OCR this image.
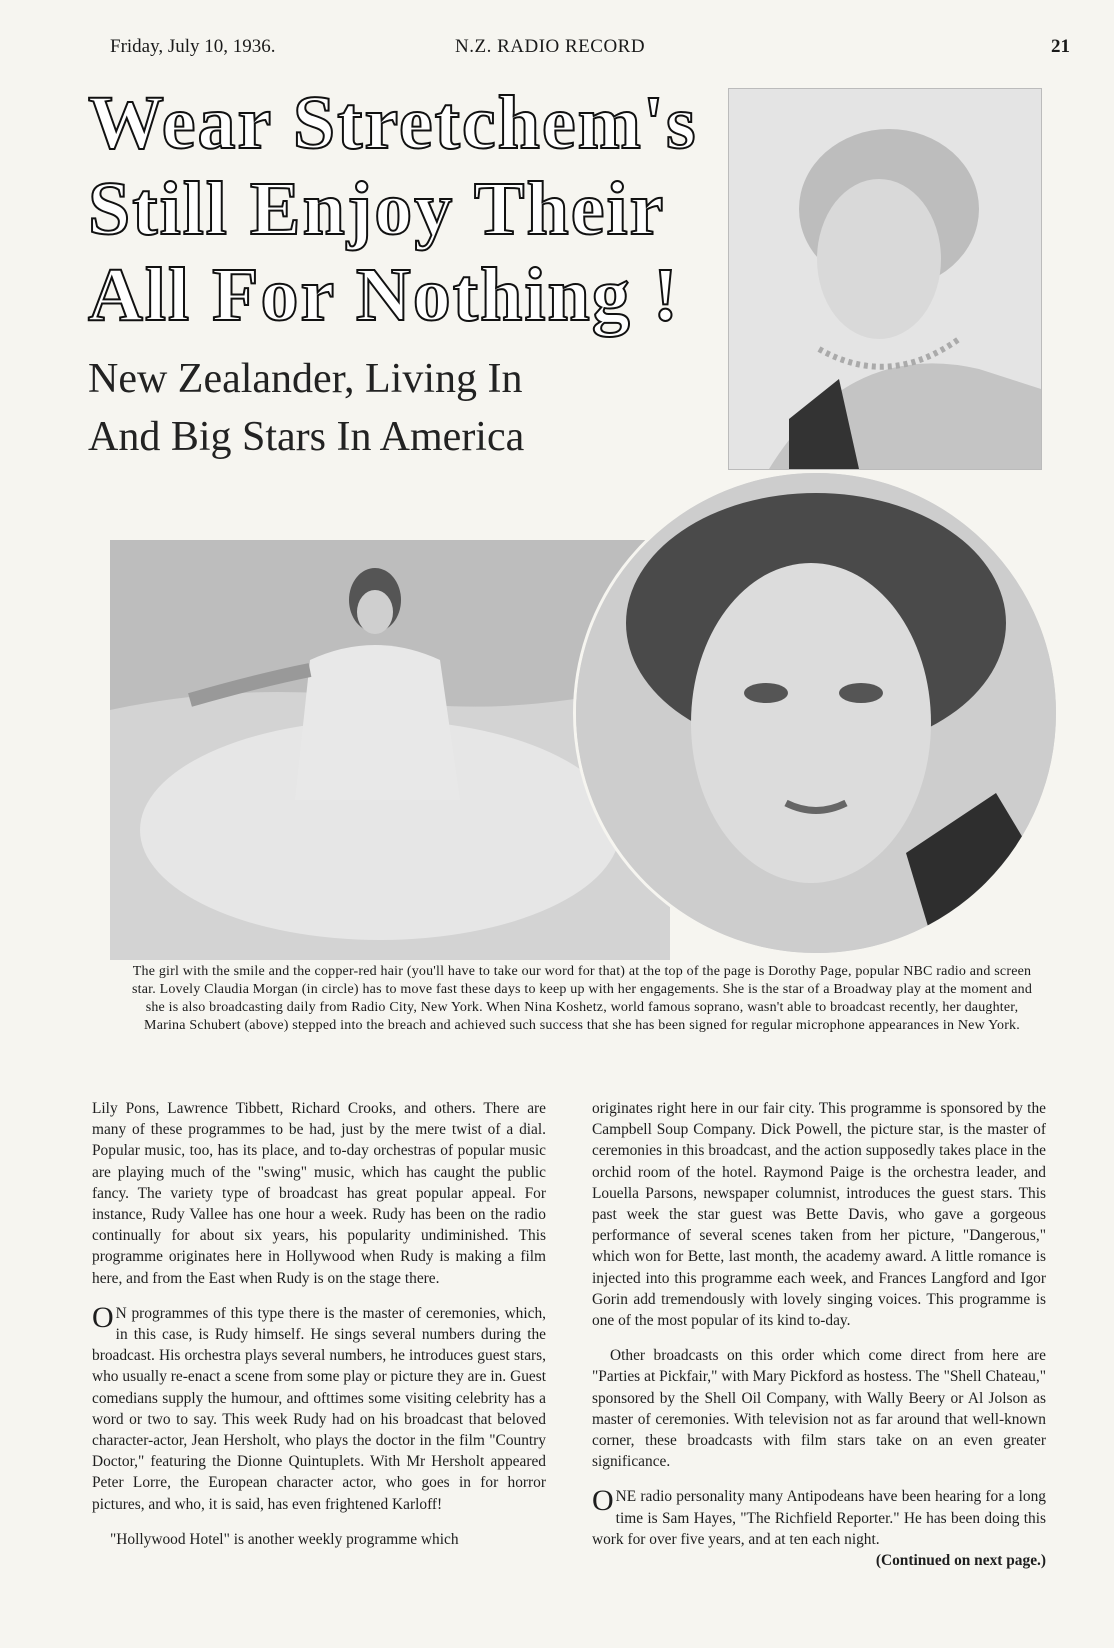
Friday, July 10, 1936.	N.Z. RADIO RECORD	21
Wear Stretchem's
Still Enjoy Their
All For Nothing !
New Zealander, Living In
And Big Stars In America
The girl with the smile and the copper-red hair (you'll have to take our word for that) at the top of the page is Dorothy Page, popular NBC radio and screen star. Lovely Claudia Morgan (in circle) has to move fast these days to keep up with her engagements. She is the star of a Broadway play at the moment and she is also broadcasting daily from Radio City, New York. When Nina Koshetz, world famous soprano, wasn't able to broadcast recently, her daughter, Marina Schubert (above) stepped into the breach and achieved such success that she has been signed for regular microphone appearances in New York.

Lily Pons, Lawrence Tibbett, Richard Crooks, and others. There are many of these programmes to be had, just by the mere twist of a dial. Popular music, too, has its place, and to-day orchestras of popular music are playing much of the "swing" music, which has caught the public fancy. The variety type of broadcast has great popular appeal. For instance, Rudy Vallee has one hour a week. Rudy has been on the radio continually for about six years, his popularity undiminished. This programme originates here in Hollywood when Rudy is making a film here, and from the East when Rudy is on the stage there.

O N programmes of this type there is the master of ceremonies, which, in this case, is Rudy himself. He sings several numbers during the broadcast. His orchestra plays several numbers, he introduces guest stars, who usually re-enact a scene from some play or picture they are in. Guest comedians supply the humour, and ofttimes some visiting celebrity has a word or two to say. This week Rudy had on his broadcast that beloved character-actor, Jean Hersholt, who plays the doctor in the film "Country Doctor," featuring the Dionne Quintuplets. With Mr Hersholt appeared Peter Lorre, the European character actor, who goes in for horror pictures, and who, it is said, has even frightened Karloff!

"Hollywood Hotel" is another weekly programme which

originates right here in our fair city. This programme is sponsored by the Campbell Soup Company. Dick Powell, the picture star, is the master of ceremonies in this broadcast, and the action supposedly takes place in the orchid room of the hotel. Raymond Paige is the orchestra leader, and Louella Parsons, newspaper columnist, introduces the guest stars. This past week the star guest was Bette Davis, who gave a gorgeous performance of several scenes taken from her picture, "Dangerous," which won for Bette, last month, the academy award. A little romance is injected into this programme each week, and Frances Langford and Igor Gorin add tremendously with lovely singing voices. This programme is one of the most popular of its kind to-day.

Other broadcasts on this order which come direct from here are "Parties at Pickfair," with Mary Pickford as hostess. The "Shell Chateau," sponsored by the Shell Oil Company, with Wally Beery or Al Jolson as master of ceremonies. With television not as far around that well-known corner, these broadcasts with film stars take on an even greater significance.

ONE radio personality many Antipodeans have been hearing for a long time is Sam Hayes, "The Richfield Reporter." He has been doing this work for over five years, and at ten each night.
(Continued on next page.)
